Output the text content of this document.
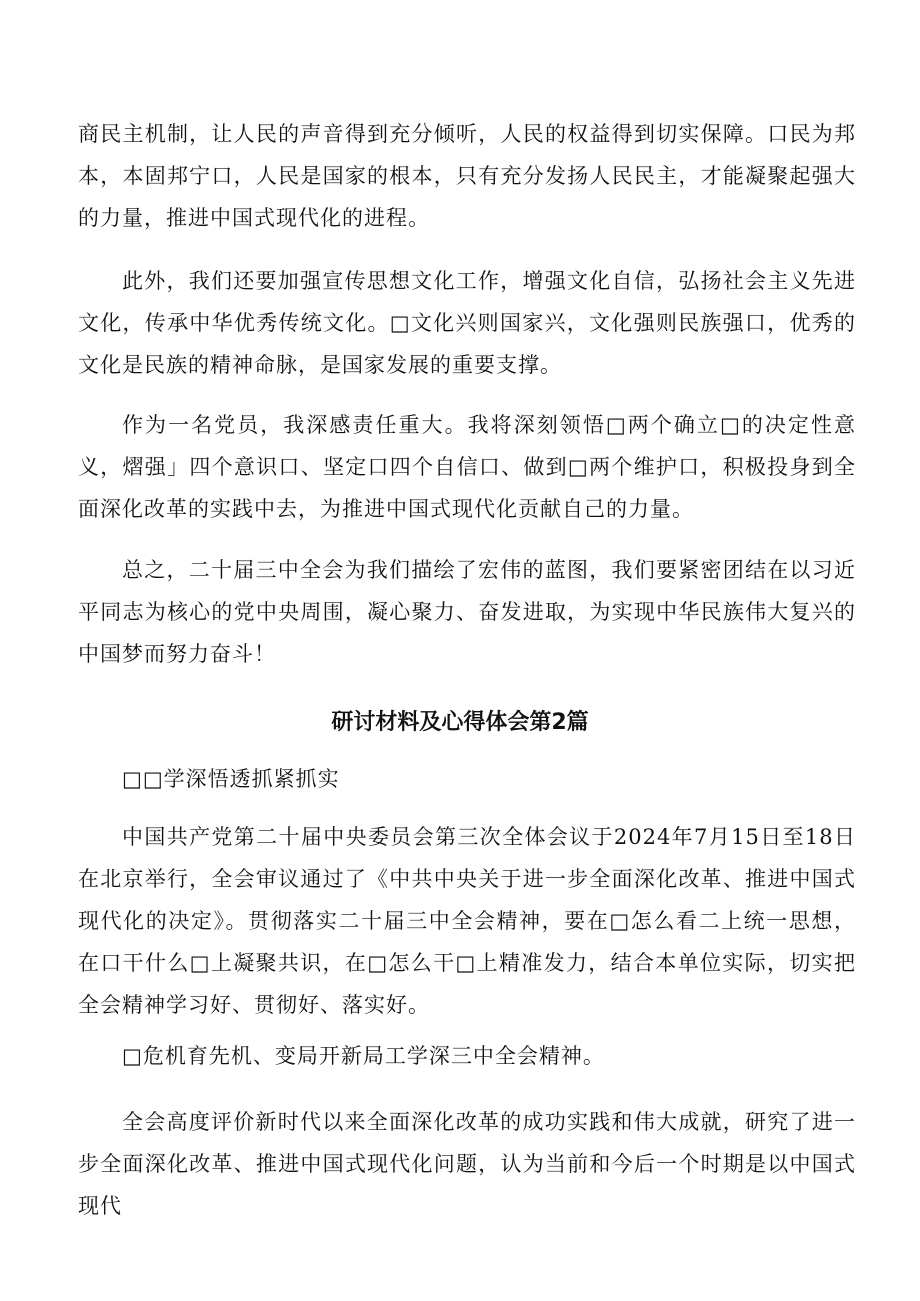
商民主机制，让人民的声音得到充分倾听，人民的权益得到切实保障。口民为邦本，本固邦宁口，人民是国家的根本，只有充分发扬人民民主，才能凝聚起强大的力量，推进中国式现代化的进程。

此外，我们还要加强宣传思想文化工作，增强文化自信，弘扬社会主义先进文化，传承中华优秀传统文化。□文化兴则国家兴，文化强则民族强口，优秀的文化是民族的精神命脉，是国家发展的重要支撑。

作为一名党员，我深感责任重大。我将深刻领悟□两个确立□的决定性意义，熠强」四个意识口、坚定口四个自信口、做到□两个维护口，积极投身到全面深化改革的实践中去，为推进中国式现代化贡献自己的力量。

总之，二十届三中全会为我们描绘了宏伟的蓝图，我们要紧密团结在以习近平同志为核心的党中央周围，凝心聚力、奋发进取，为实现中华民族伟大复兴的中国梦而努力奋斗！

研讨材料及心得体会第2篇

□□学深悟透抓紧抓实

中国共产党第二十届中央委员会第三次全体会议于2024年7月15日至18日在北京举行，全会审议通过了《中共中央关于进一步全面深化改革、推进中国式现代化的决定》。贯彻落实二十届三中全会精神，要在□怎么看二上统一思想，在口干什么□上凝聚共识，在□怎么干□上精准发力，结合本单位实际，切实把全会精神学习好、贯彻好、落实好。

□危机育先机、变局开新局工学深三中全会精神。

全会高度评价新时代以来全面深化改革的成功实践和伟大成就，研究了进一步全面深化改革、推进中国式现代化问题，认为当前和今后一个时期是以中国式现代
